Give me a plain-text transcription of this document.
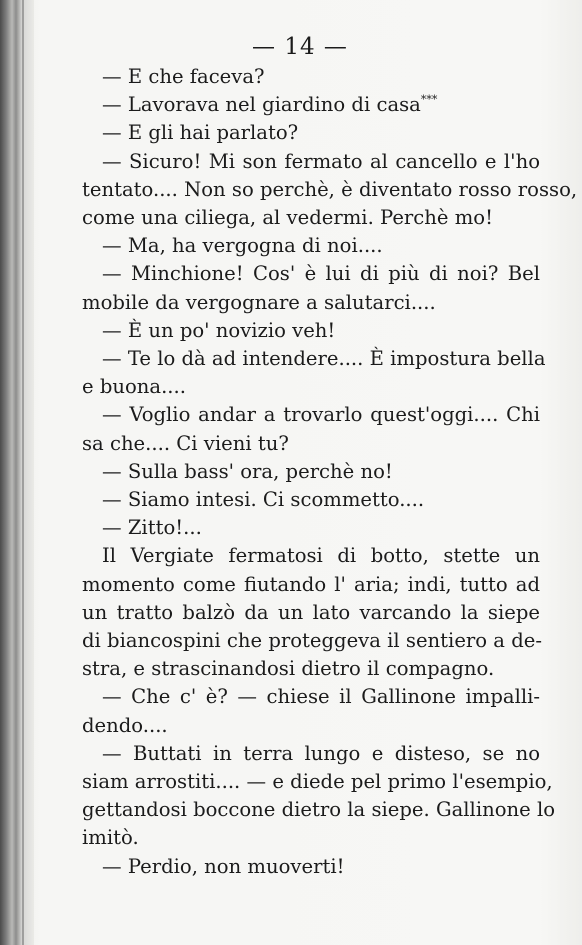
— 14 —
— E che faceva?
— Lavorava nel giardino di casa***
— E gli hai parlato?
— Sicuro! Mi son fermato al cancello e l'ho
tentato.... Non so perchè, è diventato rosso rosso,
come una ciliega, al vedermi. Perchè mo!
— Ma, ha vergogna di noi....
— Minchione! Cos' è lui di più di noi? Bel
mobile da vergognare a salutarci....
— È un po' novizio veh!
— Te lo dà ad intendere.... È impostura bella
e buona....
— Voglio andar a trovarlo quest'oggi.... Chi
sa che.... Ci vieni tu?
— Sulla bass' ora, perchè no!
— Siamo intesi. Ci scommetto....
— Zitto!...
Il Vergiate fermatosi di botto, stette un
momento come fiutando l' aria; indi, tutto ad
un tratto balzò da un lato varcando la siepe
di biancospini che proteggeva il sentiero a de-
stra, e strascinandosi dietro il compagno.
— Che c' è? — chiese il Gallinone impalli-
dendo....
— Buttati in terra lungo e disteso, se no
siam arrostiti.... — e diede pel primo l'esempio,
gettandosi boccone dietro la siepe. Gallinone lo
imitò.
— Perdio, non muoverti!
